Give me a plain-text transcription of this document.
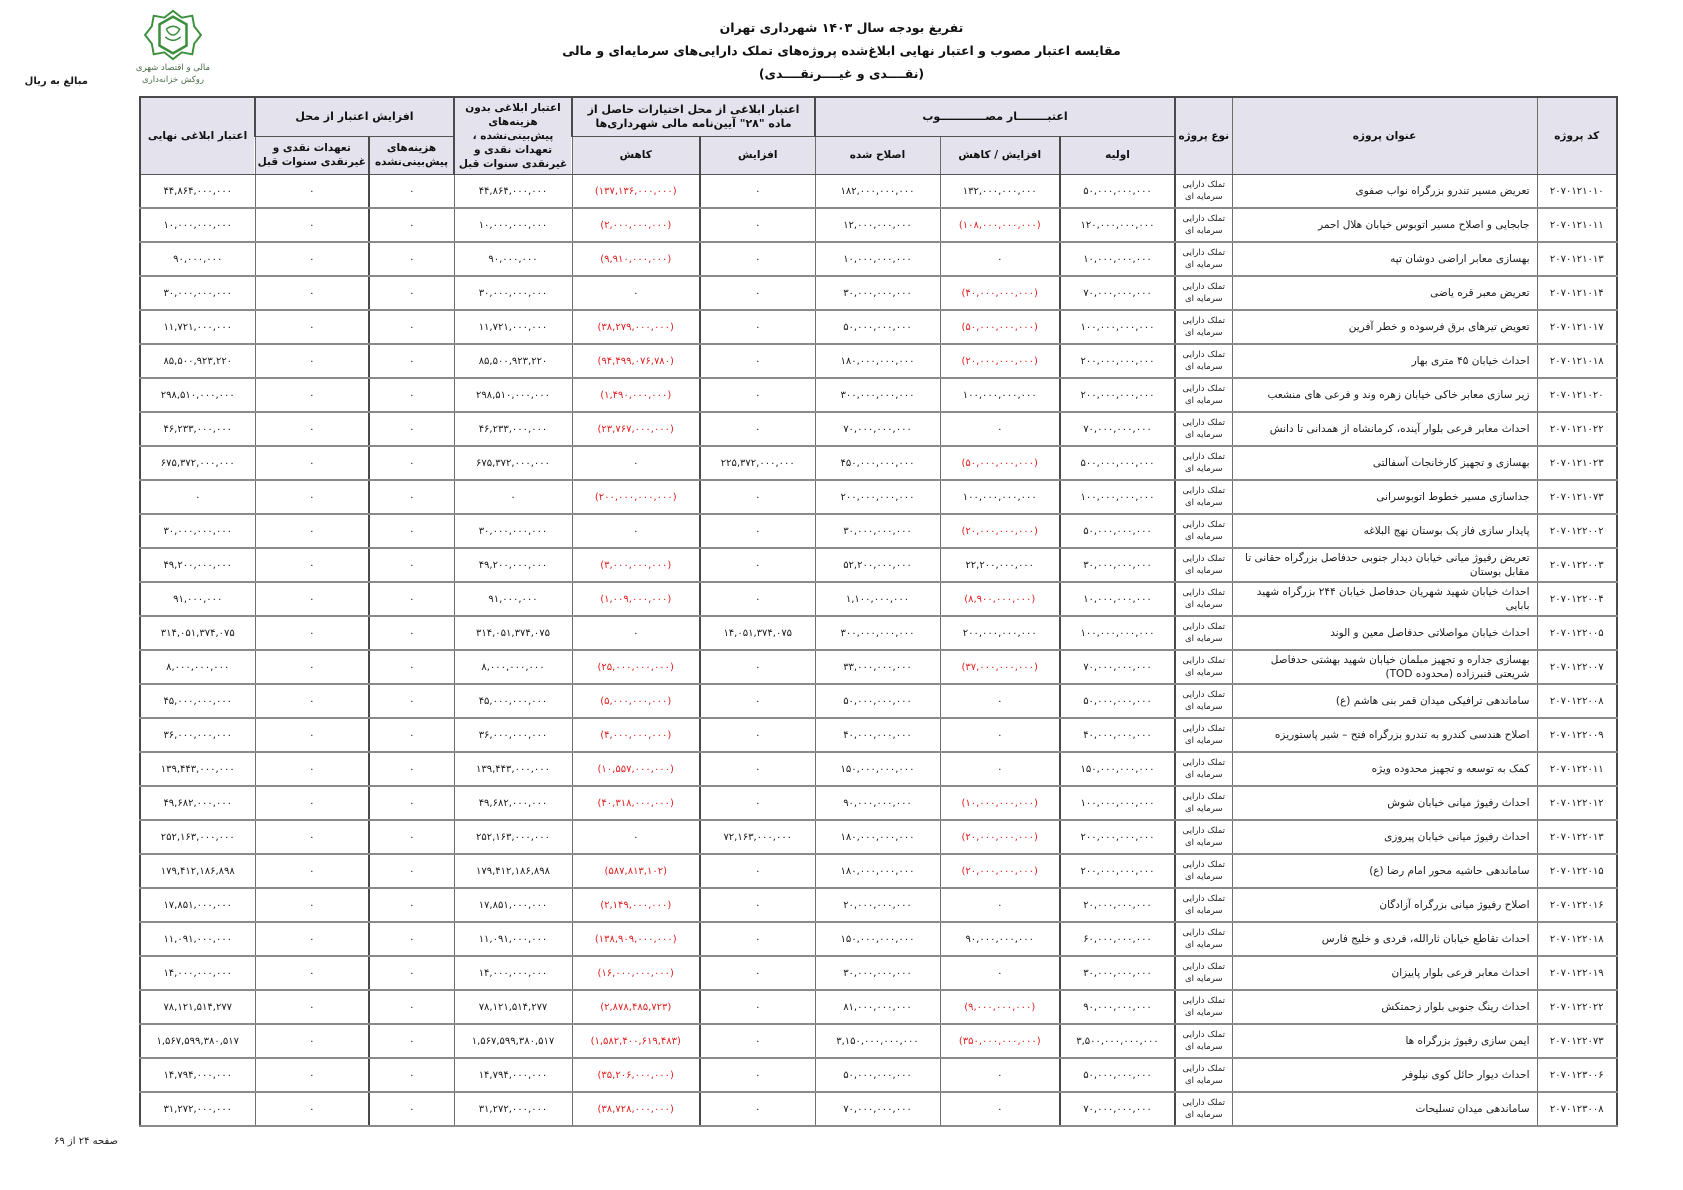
تفریغ بودجه سال ۱۴۰۳ شهرداری تهران
مقایسه اعتبار مصوب و اعتبار نهایی ابلاغ‌شده پروژه‌های تملک دارایی‌های سرمایه‌ای و مالی
(نقــــدی و غیــــرنقــــدی)
مالی و اقتصاد شهری
روکش خزانه‌داری
مبالغ به ریال
کد پروژه	عنوان پروژه	نوع پروژه	اعتبــــــــار مصــــــــــــوب			اعتبار ابلاغی از محل اختیارات حاصل از ماده "۲۸" آیین‌نامه مالی شهرداری‌ها		اعتبار ابلاغی بدون هزینه‌های پیش‌بینی‌نشده ، تعهدات نقدی و غیرنقدی سنوات قبل	افزایش اعتبار از محل		اعتبار ابلاغی نهایی
			اولیه	افزایش / کاهش	اصلاح شده	افزایش	کاهش		هزینه‌های پیش‌بینی‌نشده	تعهدات نقدی و غیرنقدی سنوات قبل	
۲۰۷۰۱۲۱۰۱۰	تعریض مسیر تندرو بزرگراه نواب صفوی	تملک دارایی سرمایه ای	۵۰,۰۰۰,۰۰۰,۰۰۰	۱۳۲,۰۰۰,۰۰۰,۰۰۰	۱۸۲,۰۰۰,۰۰۰,۰۰۰	۰	(۱۳۷,۱۳۶,۰۰۰,۰۰۰)	۴۴,۸۶۴,۰۰۰,۰۰۰	۰	۰	۴۴,۸۶۴,۰۰۰,۰۰۰
۲۰۷۰۱۲۱۰۱۱	جابجایی و اصلاح مسیر اتوبوس خیابان هلال احمر	تملک دارایی سرمایه ای	۱۲۰,۰۰۰,۰۰۰,۰۰۰	(۱۰۸,۰۰۰,۰۰۰,۰۰۰)	۱۲,۰۰۰,۰۰۰,۰۰۰	۰	(۲,۰۰۰,۰۰۰,۰۰۰)	۱۰,۰۰۰,۰۰۰,۰۰۰	۰	۰	۱۰,۰۰۰,۰۰۰,۰۰۰
۲۰۷۰۱۲۱۰۱۳	بهسازی معابر اراضی دوشان تپه	تملک دارایی سرمایه ای	۱۰,۰۰۰,۰۰۰,۰۰۰	۰	۱۰,۰۰۰,۰۰۰,۰۰۰	۰	(۹,۹۱۰,۰۰۰,۰۰۰)	۹۰,۰۰۰,۰۰۰	۰	۰	۹۰,۰۰۰,۰۰۰
۲۰۷۰۱۲۱۰۱۴	تعریض معبر قره یاضی	تملک دارایی سرمایه ای	۷۰,۰۰۰,۰۰۰,۰۰۰	(۴۰,۰۰۰,۰۰۰,۰۰۰)	۳۰,۰۰۰,۰۰۰,۰۰۰	۰	۰	۳۰,۰۰۰,۰۰۰,۰۰۰	۰	۰	۳۰,۰۰۰,۰۰۰,۰۰۰
۲۰۷۰۱۲۱۰۱۷	تعویض تیرهای برق فرسوده و خطر آفرین	تملک دارایی سرمایه ای	۱۰۰,۰۰۰,۰۰۰,۰۰۰	(۵۰,۰۰۰,۰۰۰,۰۰۰)	۵۰,۰۰۰,۰۰۰,۰۰۰	۰	(۳۸,۲۷۹,۰۰۰,۰۰۰)	۱۱,۷۲۱,۰۰۰,۰۰۰	۰	۰	۱۱,۷۲۱,۰۰۰,۰۰۰
۲۰۷۰۱۲۱۰۱۸	احداث خیابان ۴۵ متری بهار	تملک دارایی سرمایه ای	۲۰۰,۰۰۰,۰۰۰,۰۰۰	(۲۰,۰۰۰,۰۰۰,۰۰۰)	۱۸۰,۰۰۰,۰۰۰,۰۰۰	۰	(۹۴,۴۹۹,۰۷۶,۷۸۰)	۸۵,۵۰۰,۹۲۳,۲۲۰	۰	۰	۸۵,۵۰۰,۹۲۳,۲۲۰
۲۰۷۰۱۲۱۰۲۰	زیر سازی معابر خاکی خیابان زهره وند و فرعی های منشعب	تملک دارایی سرمایه ای	۲۰۰,۰۰۰,۰۰۰,۰۰۰	۱۰۰,۰۰۰,۰۰۰,۰۰۰	۳۰۰,۰۰۰,۰۰۰,۰۰۰	۰	(۱,۴۹۰,۰۰۰,۰۰۰)	۲۹۸,۵۱۰,۰۰۰,۰۰۰	۰	۰	۲۹۸,۵۱۰,۰۰۰,۰۰۰
۲۰۷۰۱۲۱۰۲۲	احداث معابر فرعی بلوار آینده، کرمانشاه از همدانی تا دانش	تملک دارایی سرمایه ای	۷۰,۰۰۰,۰۰۰,۰۰۰	۰	۷۰,۰۰۰,۰۰۰,۰۰۰	۰	(۲۳,۷۶۷,۰۰۰,۰۰۰)	۴۶,۲۳۳,۰۰۰,۰۰۰	۰	۰	۴۶,۲۳۳,۰۰۰,۰۰۰
۲۰۷۰۱۲۱۰۲۳	بهسازی و تجهیز کارخانجات آسفالتی	تملک دارایی سرمایه ای	۵۰۰,۰۰۰,۰۰۰,۰۰۰	(۵۰,۰۰۰,۰۰۰,۰۰۰)	۴۵۰,۰۰۰,۰۰۰,۰۰۰	۲۲۵,۳۷۲,۰۰۰,۰۰۰	۰	۶۷۵,۳۷۲,۰۰۰,۰۰۰	۰	۰	۶۷۵,۳۷۲,۰۰۰,۰۰۰
۲۰۷۰۱۲۱۰۷۳	جداسازی مسیر خطوط اتوبوسرانی	تملک دارایی سرمایه ای	۱۰۰,۰۰۰,۰۰۰,۰۰۰	۱۰۰,۰۰۰,۰۰۰,۰۰۰	۲۰۰,۰۰۰,۰۰۰,۰۰۰	۰	(۲۰۰,۰۰۰,۰۰۰,۰۰۰)	۰	۰	۰	۰
۲۰۷۰۱۲۲۰۰۲	پایدار سازی فاز یک بوستان نهج البلاغه	تملک دارایی سرمایه ای	۵۰,۰۰۰,۰۰۰,۰۰۰	(۲۰,۰۰۰,۰۰۰,۰۰۰)	۳۰,۰۰۰,۰۰۰,۰۰۰	۰	۰	۳۰,۰۰۰,۰۰۰,۰۰۰	۰	۰	۳۰,۰۰۰,۰۰۰,۰۰۰
۲۰۷۰۱۲۲۰۰۳	تعریض رفیوژ میانی خیابان دیدار جنوبی حدفاصل بزرگراه حقانی تا مقابل بوستان	تملک دارایی سرمایه ای	۳۰,۰۰۰,۰۰۰,۰۰۰	۲۲,۲۰۰,۰۰۰,۰۰۰	۵۲,۲۰۰,۰۰۰,۰۰۰	۰	(۳,۰۰۰,۰۰۰,۰۰۰)	۴۹,۲۰۰,۰۰۰,۰۰۰	۰	۰	۴۹,۲۰۰,۰۰۰,۰۰۰
۲۰۷۰۱۲۲۰۰۴	احداث خیابان شهید شهریان حدفاصل خیابان ۲۴۴ بزرگراه شهید بابایی	تملک دارایی سرمایه ای	۱۰,۰۰۰,۰۰۰,۰۰۰	(۸,۹۰۰,۰۰۰,۰۰۰)	۱,۱۰۰,۰۰۰,۰۰۰	۰	(۱,۰۰۹,۰۰۰,۰۰۰)	۹۱,۰۰۰,۰۰۰	۰	۰	۹۱,۰۰۰,۰۰۰
۲۰۷۰۱۲۲۰۰۵	احداث خیابان مواصلاتی حدفاصل معین و الوند	تملک دارایی سرمایه ای	۱۰۰,۰۰۰,۰۰۰,۰۰۰	۲۰۰,۰۰۰,۰۰۰,۰۰۰	۳۰۰,۰۰۰,۰۰۰,۰۰۰	۱۴,۰۵۱,۳۷۴,۰۷۵	۰	۳۱۴,۰۵۱,۳۷۴,۰۷۵	۰	۰	۳۱۴,۰۵۱,۳۷۴,۰۷۵
۲۰۷۰۱۲۲۰۰۷	بهسازی جداره و تجهیز مبلمان خیابان شهید بهشتی حدفاصل شریعتی قنبرزاده (محدوده TOD)	تملک دارایی سرمایه ای	۷۰,۰۰۰,۰۰۰,۰۰۰	(۳۷,۰۰۰,۰۰۰,۰۰۰)	۳۳,۰۰۰,۰۰۰,۰۰۰	۰	(۲۵,۰۰۰,۰۰۰,۰۰۰)	۸,۰۰۰,۰۰۰,۰۰۰	۰	۰	۸,۰۰۰,۰۰۰,۰۰۰
۲۰۷۰۱۲۲۰۰۸	ساماندهی ترافیکی میدان قمر بنی هاشم (ع)	تملک دارایی سرمایه ای	۵۰,۰۰۰,۰۰۰,۰۰۰	۰	۵۰,۰۰۰,۰۰۰,۰۰۰	۰	(۵,۰۰۰,۰۰۰,۰۰۰)	۴۵,۰۰۰,۰۰۰,۰۰۰	۰	۰	۴۵,۰۰۰,۰۰۰,۰۰۰
۲۰۷۰۱۲۲۰۰۹	اصلاح هندسی کندرو به تندرو بزرگراه فتح – شیر پاستوریزه	تملک دارایی سرمایه ای	۴۰,۰۰۰,۰۰۰,۰۰۰	۰	۴۰,۰۰۰,۰۰۰,۰۰۰	۰	(۴,۰۰۰,۰۰۰,۰۰۰)	۳۶,۰۰۰,۰۰۰,۰۰۰	۰	۰	۳۶,۰۰۰,۰۰۰,۰۰۰
۲۰۷۰۱۲۲۰۱۱	کمک به توسعه و تجهیز محدوده ویژه	تملک دارایی سرمایه ای	۱۵۰,۰۰۰,۰۰۰,۰۰۰	۰	۱۵۰,۰۰۰,۰۰۰,۰۰۰	۰	(۱۰,۵۵۷,۰۰۰,۰۰۰)	۱۳۹,۴۴۳,۰۰۰,۰۰۰	۰	۰	۱۳۹,۴۴۳,۰۰۰,۰۰۰
۲۰۷۰۱۲۲۰۱۲	احداث رفیوژ میانی خیابان شوش	تملک دارایی سرمایه ای	۱۰۰,۰۰۰,۰۰۰,۰۰۰	(۱۰,۰۰۰,۰۰۰,۰۰۰)	۹۰,۰۰۰,۰۰۰,۰۰۰	۰	(۴۰,۳۱۸,۰۰۰,۰۰۰)	۴۹,۶۸۲,۰۰۰,۰۰۰	۰	۰	۴۹,۶۸۲,۰۰۰,۰۰۰
۲۰۷۰۱۲۲۰۱۳	احداث رفیوژ میانی خیابان پیروزی	تملک دارایی سرمایه ای	۲۰۰,۰۰۰,۰۰۰,۰۰۰	(۲۰,۰۰۰,۰۰۰,۰۰۰)	۱۸۰,۰۰۰,۰۰۰,۰۰۰	۷۲,۱۶۳,۰۰۰,۰۰۰	۰	۲۵۲,۱۶۳,۰۰۰,۰۰۰	۰	۰	۲۵۲,۱۶۳,۰۰۰,۰۰۰
۲۰۷۰۱۲۲۰۱۵	ساماندهی حاشیه محور امام رضا (ع)	تملک دارایی سرمایه ای	۲۰۰,۰۰۰,۰۰۰,۰۰۰	(۲۰,۰۰۰,۰۰۰,۰۰۰)	۱۸۰,۰۰۰,۰۰۰,۰۰۰	۰	(۵۸۷,۸۱۳,۱۰۲)	۱۷۹,۴۱۲,۱۸۶,۸۹۸	۰	۰	۱۷۹,۴۱۲,۱۸۶,۸۹۸
۲۰۷۰۱۲۲۰۱۶	اصلاح رفیوژ میانی بزرگراه آزادگان	تملک دارایی سرمایه ای	۲۰,۰۰۰,۰۰۰,۰۰۰	۰	۲۰,۰۰۰,۰۰۰,۰۰۰	۰	(۲,۱۴۹,۰۰۰,۰۰۰)	۱۷,۸۵۱,۰۰۰,۰۰۰	۰	۰	۱۷,۸۵۱,۰۰۰,۰۰۰
۲۰۷۰۱۲۲۰۱۸	احداث تقاطع خیابان ثارالله، فردی و خلیج فارس	تملک دارایی سرمایه ای	۶۰,۰۰۰,۰۰۰,۰۰۰	۹۰,۰۰۰,۰۰۰,۰۰۰	۱۵۰,۰۰۰,۰۰۰,۰۰۰	۰	(۱۳۸,۹۰۹,۰۰۰,۰۰۰)	۱۱,۰۹۱,۰۰۰,۰۰۰	۰	۰	۱۱,۰۹۱,۰۰۰,۰۰۰
۲۰۷۰۱۲۲۰۱۹	احداث معابر فرعی بلوار پاییزان	تملک دارایی سرمایه ای	۳۰,۰۰۰,۰۰۰,۰۰۰	۰	۳۰,۰۰۰,۰۰۰,۰۰۰	۰	(۱۶,۰۰۰,۰۰۰,۰۰۰)	۱۴,۰۰۰,۰۰۰,۰۰۰	۰	۰	۱۴,۰۰۰,۰۰۰,۰۰۰
۲۰۷۰۱۲۲۰۲۲	احداث رینگ جنوبی بلوار زحمتکش	تملک دارایی سرمایه ای	۹۰,۰۰۰,۰۰۰,۰۰۰	(۹,۰۰۰,۰۰۰,۰۰۰)	۸۱,۰۰۰,۰۰۰,۰۰۰	۰	(۲,۸۷۸,۴۸۵,۷۲۳)	۷۸,۱۲۱,۵۱۴,۲۷۷	۰	۰	۷۸,۱۲۱,۵۱۴,۲۷۷
۲۰۷۰۱۲۲۰۷۳	ایمن سازی رفیوژ بزرگراه ها	تملک دارایی سرمایه ای	۳,۵۰۰,۰۰۰,۰۰۰,۰۰۰	(۳۵۰,۰۰۰,۰۰۰,۰۰۰)	۳,۱۵۰,۰۰۰,۰۰۰,۰۰۰	۰	(۱,۵۸۲,۴۰۰,۶۱۹,۴۸۳)	۱,۵۶۷,۵۹۹,۳۸۰,۵۱۷	۰	۰	۱,۵۶۷,۵۹۹,۳۸۰,۵۱۷
۲۰۷۰۱۲۳۰۰۶	احداث دیوار حائل کوی نیلوفر	تملک دارایی سرمایه ای	۵۰,۰۰۰,۰۰۰,۰۰۰	۰	۵۰,۰۰۰,۰۰۰,۰۰۰	۰	(۳۵,۲۰۶,۰۰۰,۰۰۰)	۱۴,۷۹۴,۰۰۰,۰۰۰	۰	۰	۱۴,۷۹۴,۰۰۰,۰۰۰
۲۰۷۰۱۲۳۰۰۸	ساماندهی میدان تسلیحات	تملک دارایی سرمایه ای	۷۰,۰۰۰,۰۰۰,۰۰۰	۰	۷۰,۰۰۰,۰۰۰,۰۰۰	۰	(۳۸,۷۲۸,۰۰۰,۰۰۰)	۳۱,۲۷۲,۰۰۰,۰۰۰	۰	۰	۳۱,۲۷۲,۰۰۰,۰۰۰
صفحه ۲۴ از ۶۹
